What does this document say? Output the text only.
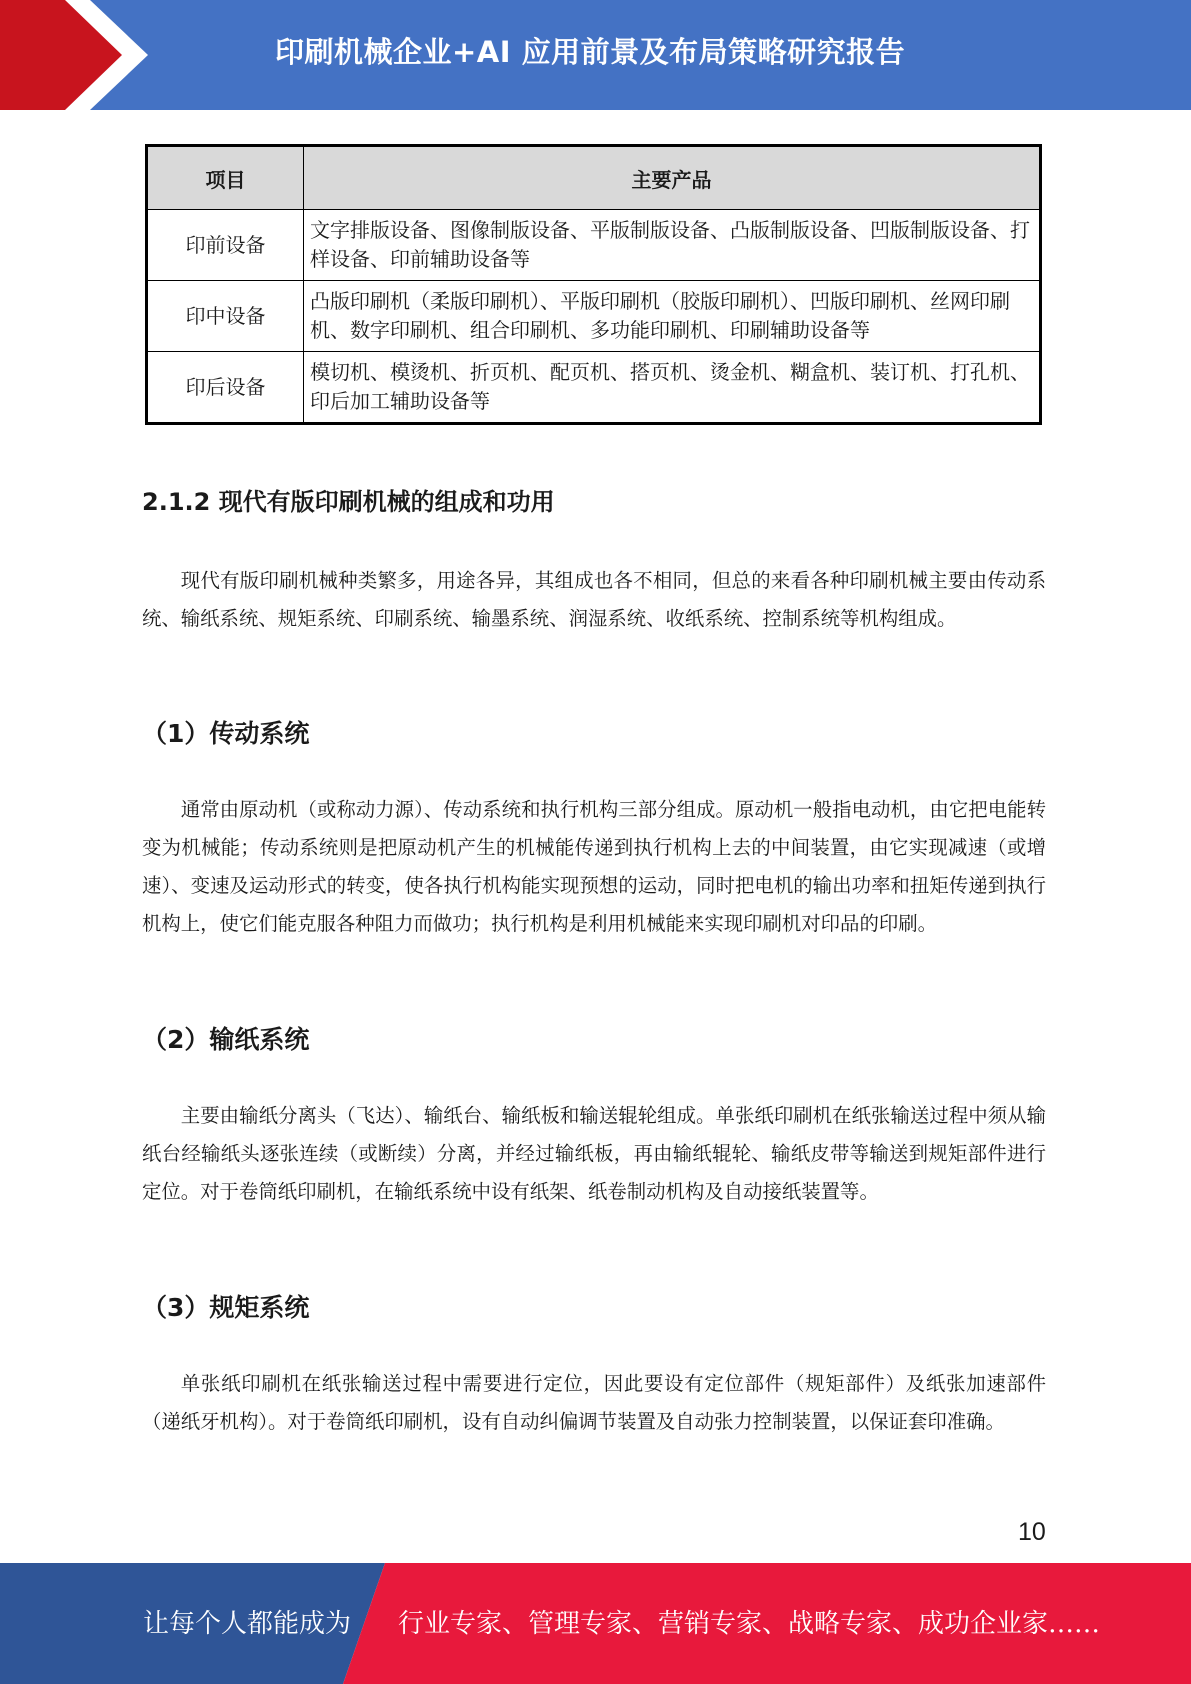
印刷机械企业+AI 应用前景及布局策略研究报告
项目	主要产品
印前设备	文字排版设备、图像制版设备、平版制版设备、凸版制版设备、凹版制版设备、打样设备、印前辅助设备等
印中设备	凸版印刷机（柔版印刷机）、平版印刷机（胶版印刷机）、凹版印刷机、丝网印刷机、数字印刷机、组合印刷机、多功能印刷机、印刷辅助设备等
印后设备	模切机、模烫机、折页机、配页机、搭页机、烫金机、糊盒机、装订机、打孔机、印后加工辅助设备等
2.1.2 现代有版印刷机械的组成和功用

现代有版印刷机械种类繁多，用途各异，其组成也各不相同，但总的来看各种印刷机械主要由传动系统、输纸系统、规矩系统、印刷系统、输墨系统、润湿系统、收纸系统、控制系统等机构组成。

（1）传动系统

通常由原动机（或称动力源）、传动系统和执行机构三部分组成。原动机一般指电动机，由它把电能转变为机械能；传动系统则是把原动机产生的机械能传递到执行机构上去的中间装置，由它实现减速（或增速）、变速及运动形式的转变，使各执行机构能实现预想的运动，同时把电机的输出功率和扭矩传递到执行机构上，使它们能克服各种阻力而做功；执行机构是利用机械能来实现印刷机对印品的印刷。

（2）输纸系统

主要由输纸分离头（飞达）、输纸台、输纸板和输送辊轮组成。单张纸印刷机在纸张输送过程中须从输纸台经输纸头逐张连续（或断续）分离，并经过输纸板，再由输纸辊轮、输纸皮带等输送到规矩部件进行定位。对于卷筒纸印刷机，在输纸系统中设有纸架、纸卷制动机构及自动接纸装置等。

（3）规矩系统

单张纸印刷机在纸张输送过程中需要进行定位，因此要设有定位部件（规矩部件）及纸张加速部件（递纸牙机构）。对于卷筒纸印刷机，设有自动纠偏调节装置及自动张力控制装置，以保证套印准确。

10
让每个人都能成为 行业专家、管理专家、营销专家、战略专家、成功企业家……
